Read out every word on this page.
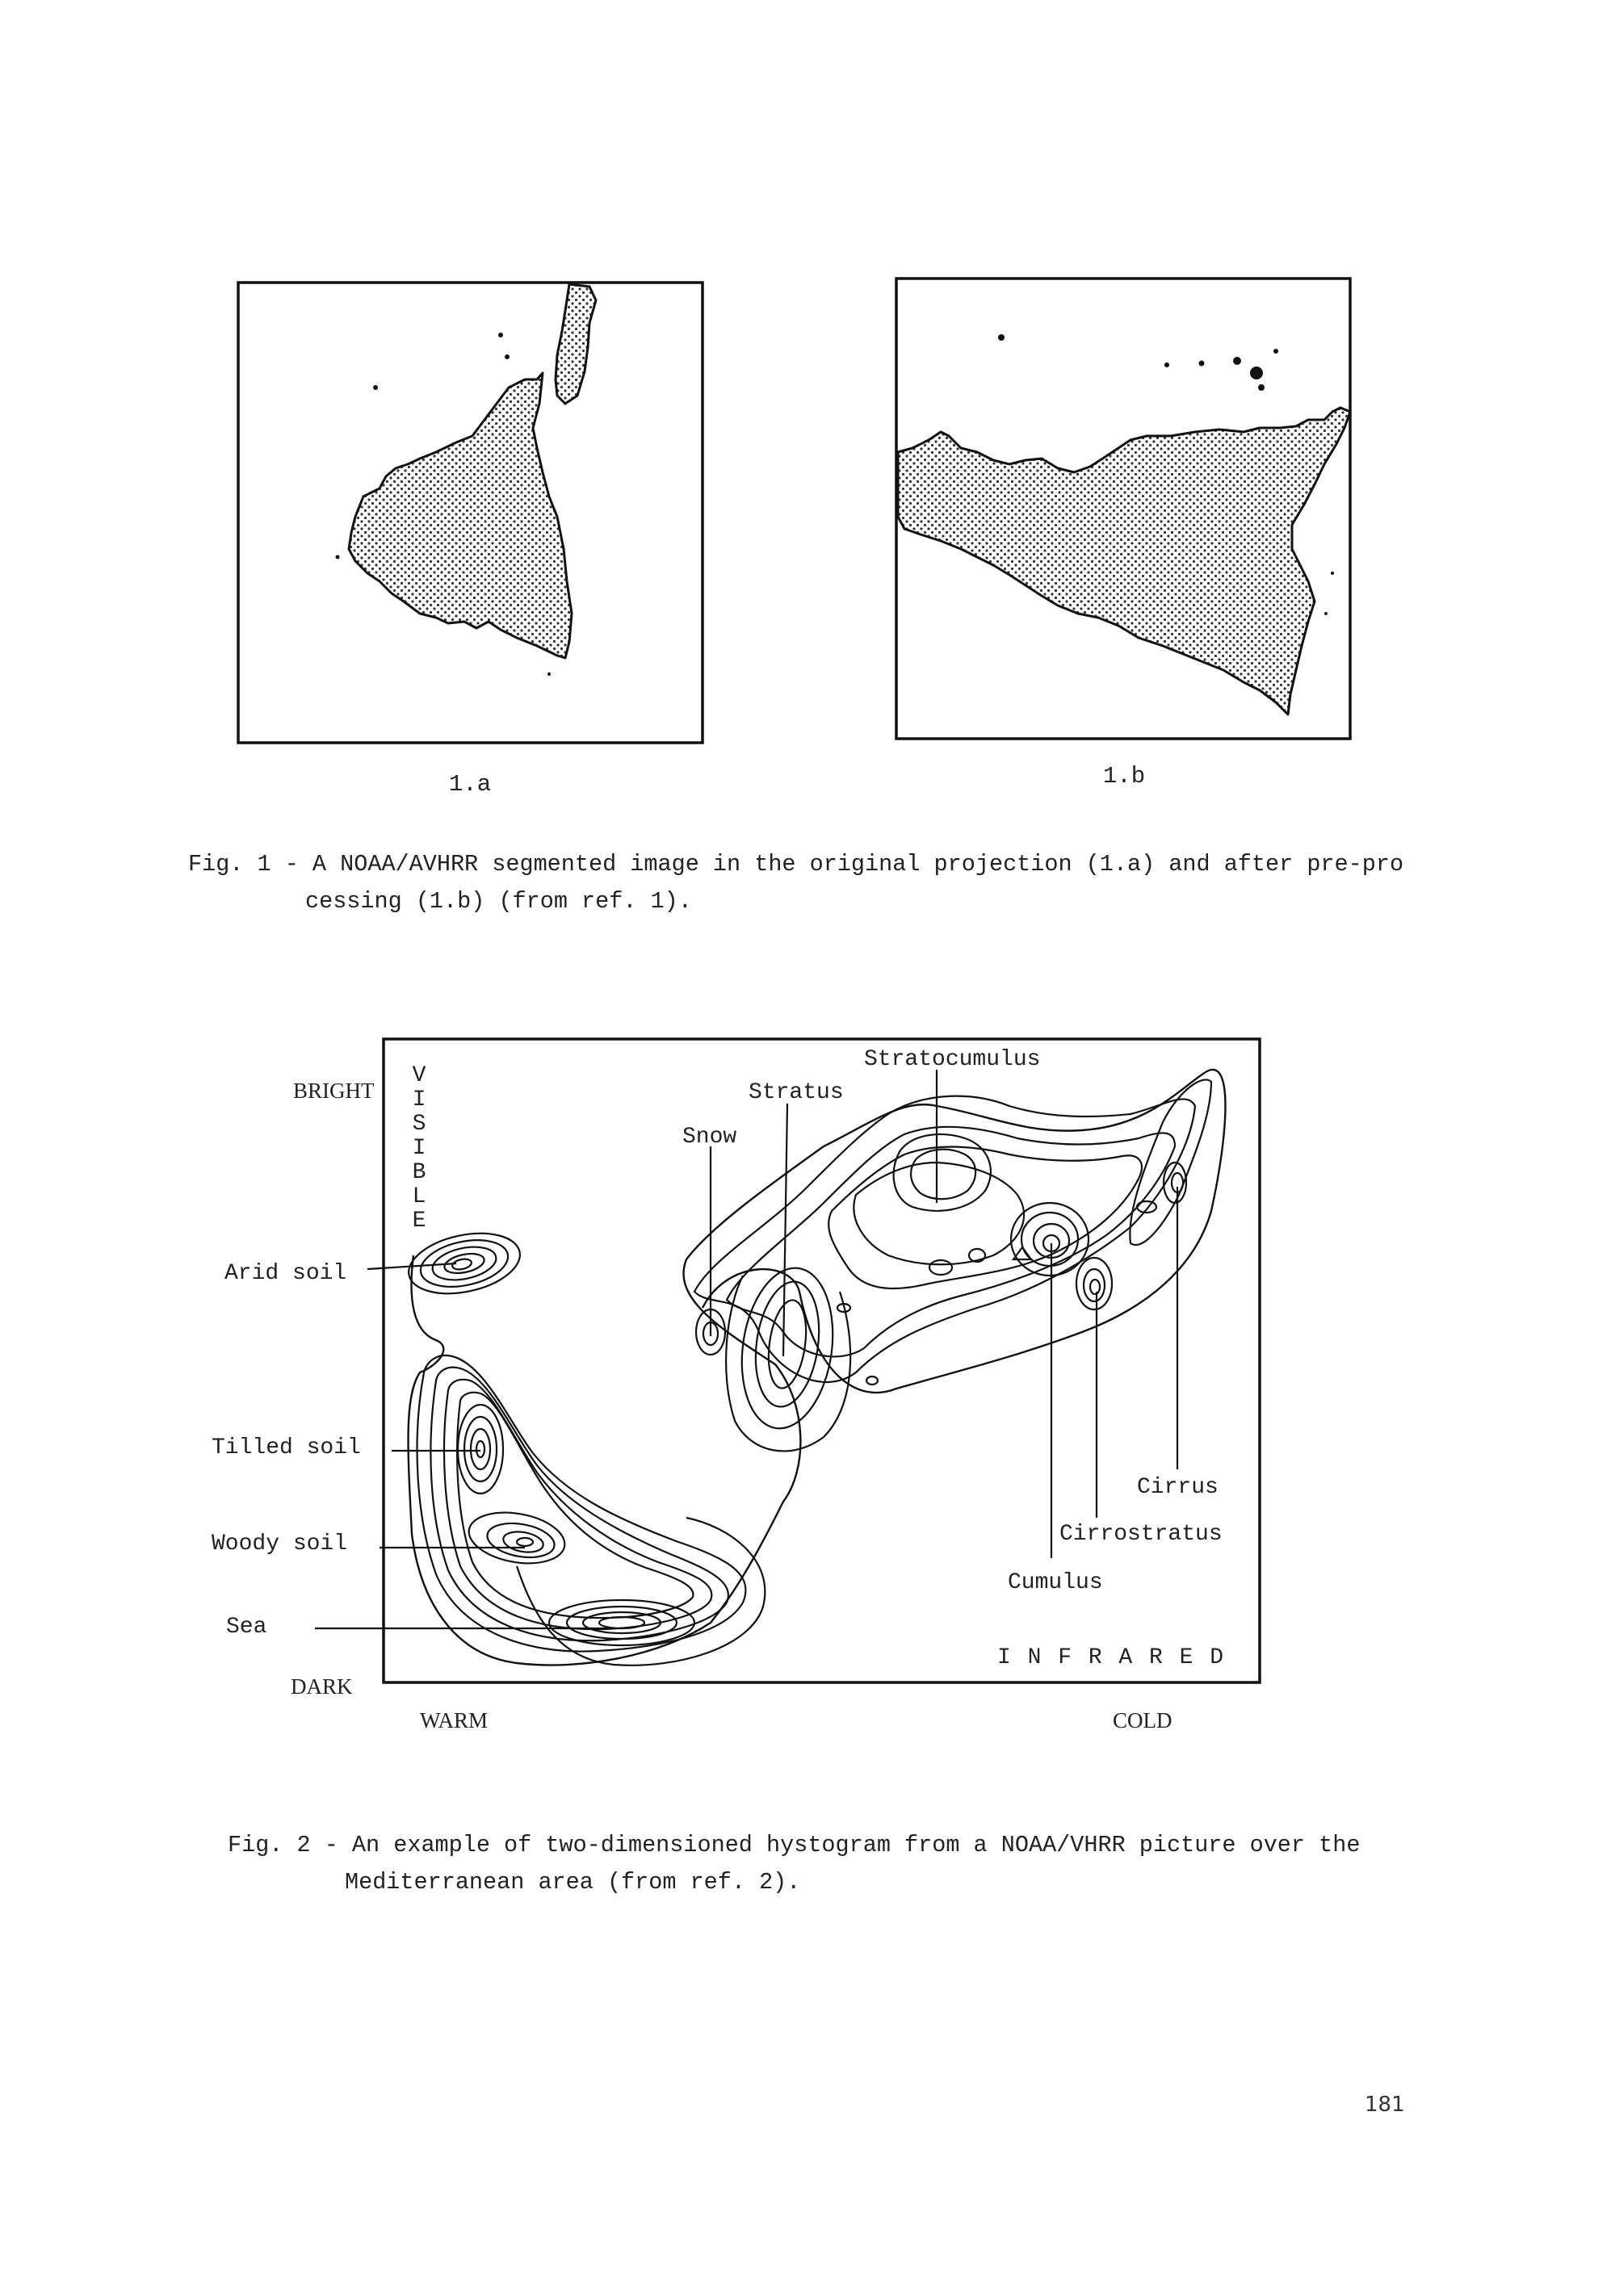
1.a	1.b
Fig. 1 - A NOAA/AVHRR segmented image in the original projection (1.a) and after pre-pro
cessing (1.b) (from ref. 1).
BRIGHT
DARK
WARM	COLD
VISIBLE
I N F R A R E D
Arid soil
Tilled soil
Woody soil
Sea
Stratocumulus
Stratus
Snow
Cirrus
Cirrostratus
Cumulus
Fig. 2 - An example of two-dimensioned hystogram from a NOAA/VHRR picture over the
Mediterranean area (from ref. 2).
181
